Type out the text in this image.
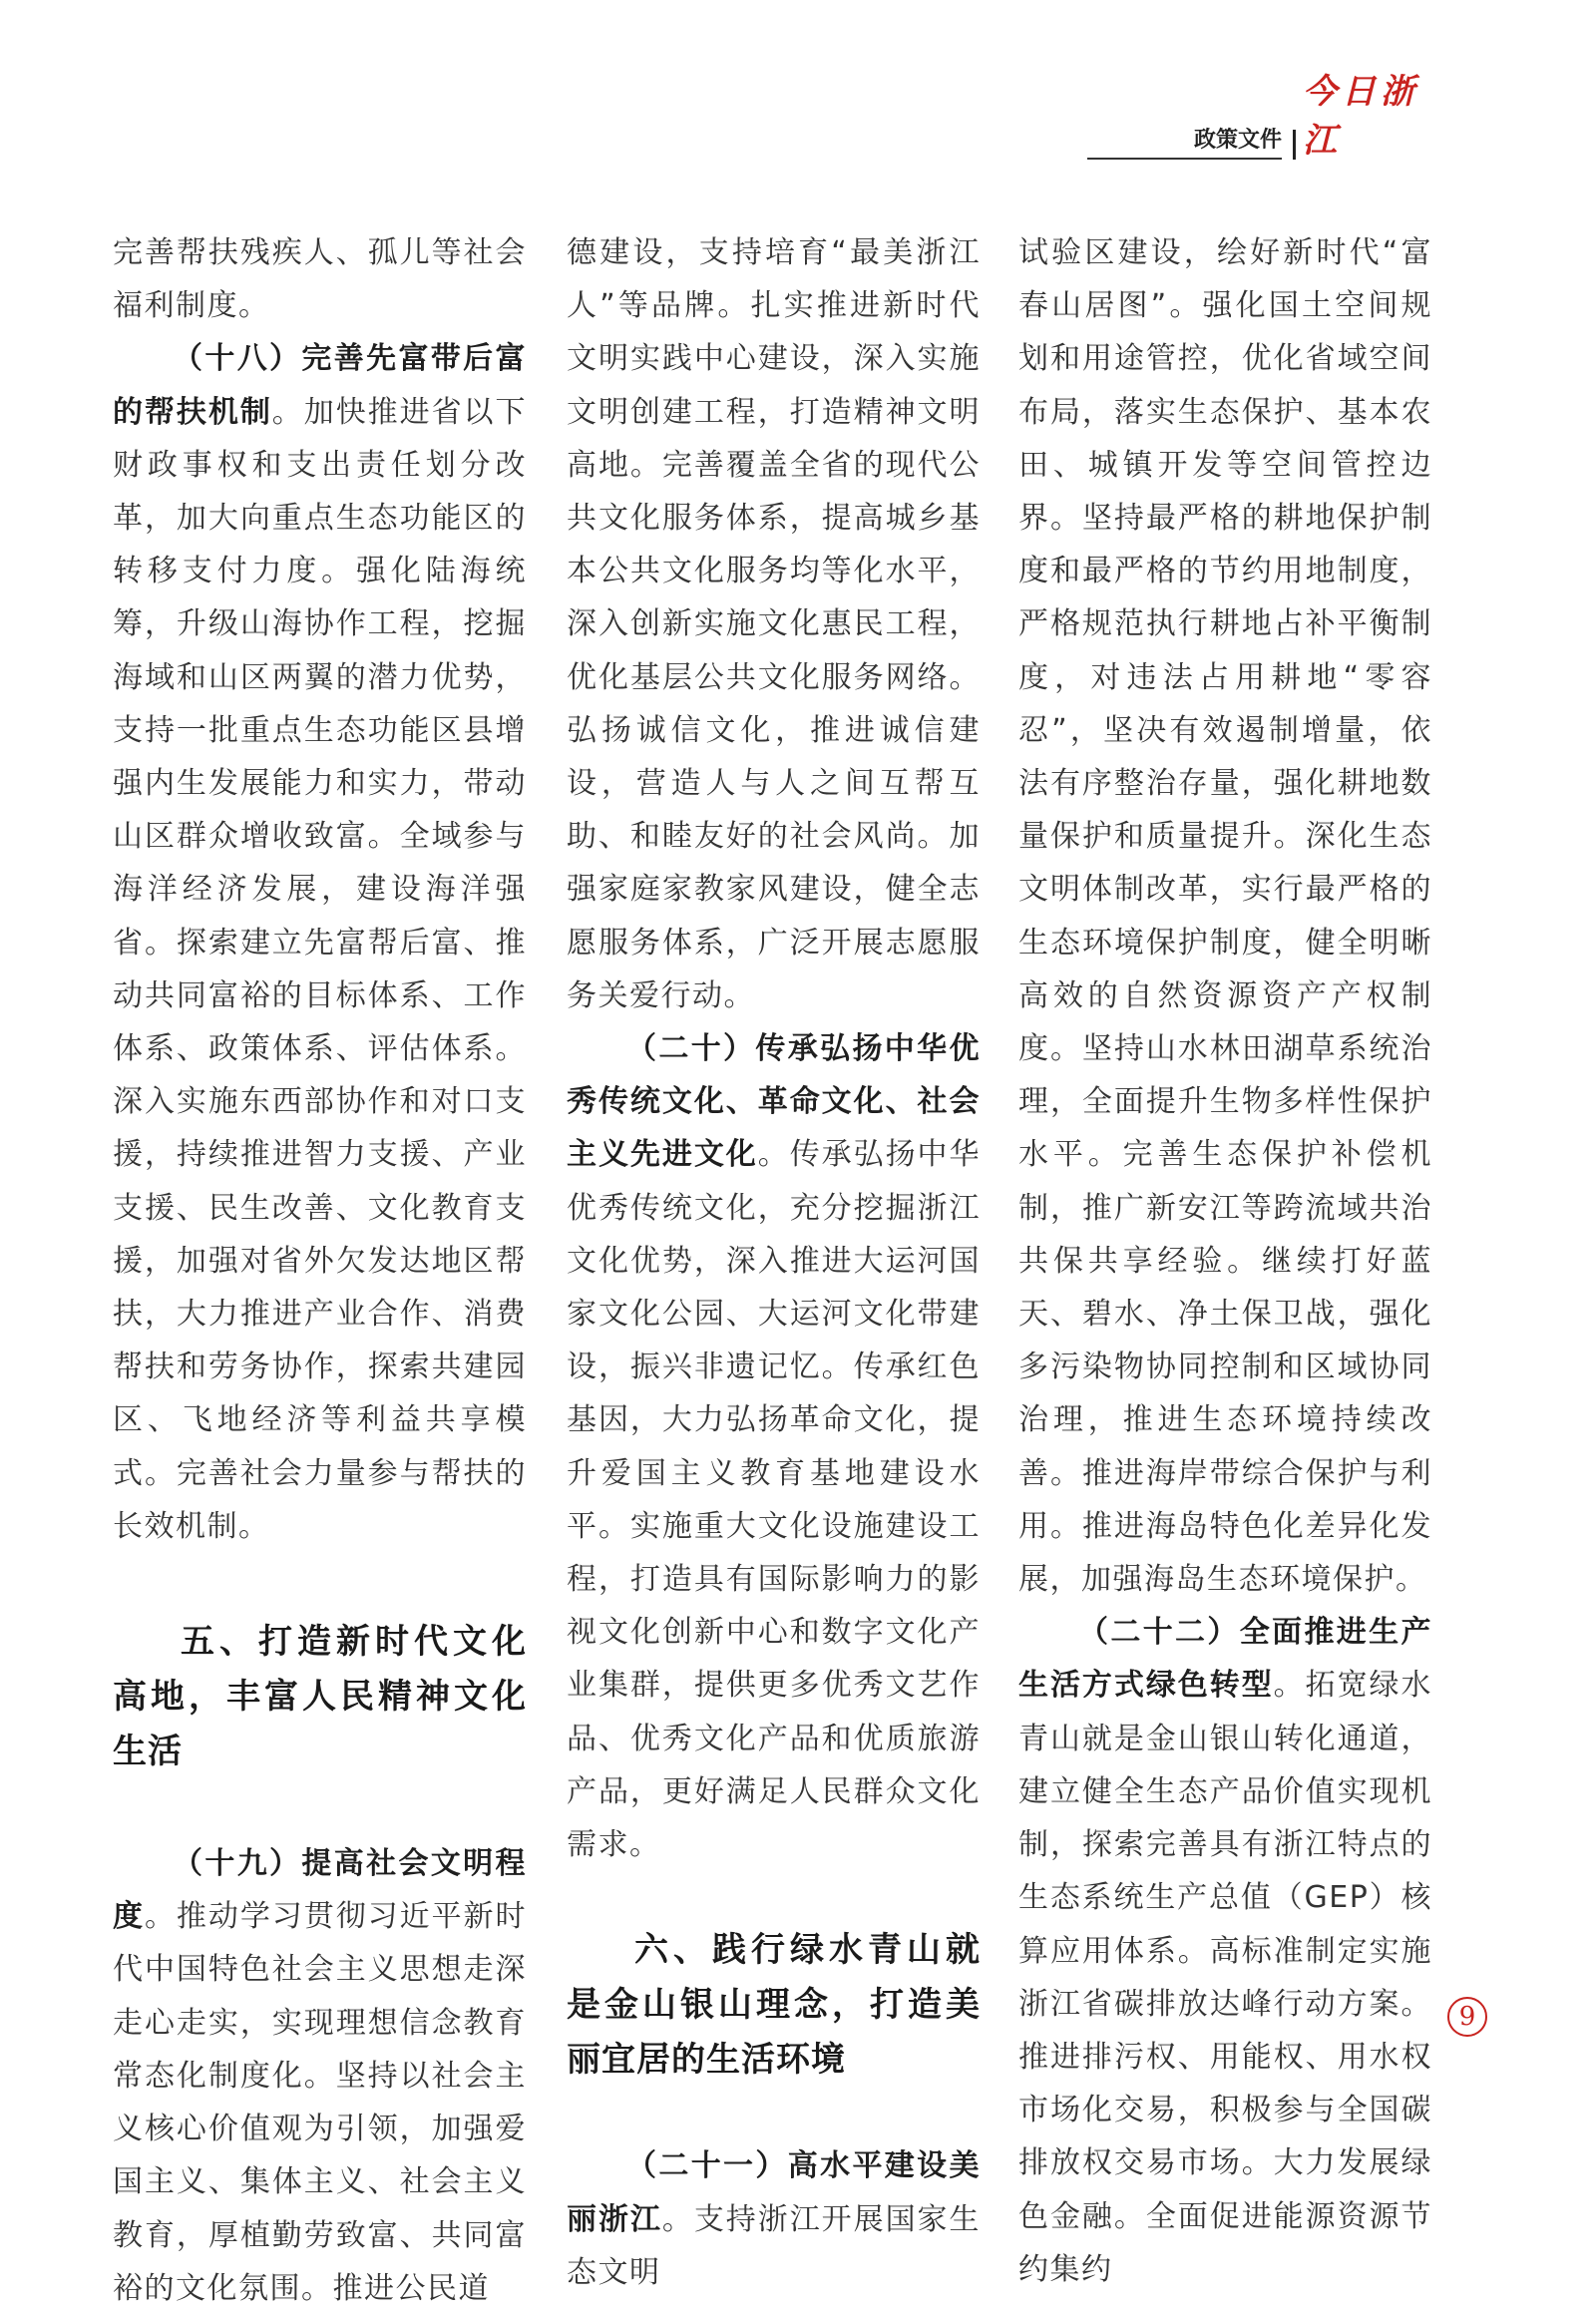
政策文件
今日浙江

完善帮扶残疾人、孤儿等社会福利制度。

（十八）完善先富带后富的帮扶机制。加快推进省以下财政事权和支出责任划分改革，加大向重点生态功能区的转移支付力度。强化陆海统筹，升级山海协作工程，挖掘海域和山区两翼的潜力优势，支持一批重点生态功能区县增强内生发展能力和实力，带动山区群众增收致富。全域参与海洋经济发展，建设海洋强省。探索建立先富帮后富、推动共同富裕的目标体系、工作体系、政策体系、评估体系。深入实施东西部协作和对口支援，持续推进智力支援、产业支援、民生改善、文化教育支援，加强对省外欠发达地区帮扶，大力推进产业合作、消费帮扶和劳务协作，探索共建园区、飞地经济等利益共享模式。完善社会力量参与帮扶的长效机制。

五、打造新时代文化高地，丰富人民精神文化生活

（十九）提高社会文明程度。推动学习贯彻习近平新时代中国特色社会主义思想走深走心走实，实现理想信念教育常态化制度化。坚持以社会主义核心价值观为引领，加强爱国主义、集体主义、社会主义教育，厚植勤劳致富、共同富裕的文化氛围。推进公民道

德建设，支持培育“最美浙江人”等品牌。扎实推进新时代文明实践中心建设，深入实施文明创建工程，打造精神文明高地。完善覆盖全省的现代公共文化服务体系，提高城乡基本公共文化服务均等化水平，深入创新实施文化惠民工程，优化基层公共文化服务网络。弘扬诚信文化，推进诚信建设，营造人与人之间互帮互助、和睦友好的社会风尚。加强家庭家教家风建设，健全志愿服务体系，广泛开展志愿服务关爱行动。

（二十）传承弘扬中华优秀传统文化、革命文化、社会主义先进文化。传承弘扬中华优秀传统文化，充分挖掘浙江文化优势，深入推进大运河国家文化公园、大运河文化带建设，振兴非遗记忆。传承红色基因，大力弘扬革命文化，提升爱国主义教育基地建设水平。实施重大文化设施建设工程，打造具有国际影响力的影视文化创新中心和数字文化产业集群，提供更多优秀文艺作品、优秀文化产品和优质旅游产品，更好满足人民群众文化需求。

六、践行绿水青山就是金山银山理念，打造美丽宜居的生活环境

（二十一）高水平建设美丽浙江。支持浙江开展国家生态文明

试验区建设，绘好新时代“富春山居图”。强化国土空间规划和用途管控，优化省域空间布局，落实生态保护、基本农田、城镇开发等空间管控边界。坚持最严格的耕地保护制度和最严格的节约用地制度，严格规范执行耕地占补平衡制度，对违法占用耕地“零容忍”，坚决有效遏制增量，依法有序整治存量，强化耕地数量保护和质量提升。深化生态文明体制改革，实行最严格的生态环境保护制度，健全明晰高效的自然资源资产产权制度。坚持山水林田湖草系统治理，全面提升生物多样性保护水平。完善生态保护补偿机制，推广新安江等跨流域共治共保共享经验。继续打好蓝天、碧水、净土保卫战，强化多污染物协同控制和区域协同治理，推进生态环境持续改善。推进海岸带综合保护与利用。推进海岛特色化差异化发展，加强海岛生态环境保护。

（二十二）全面推进生产生活方式绿色转型。拓宽绿水青山就是金山银山转化通道，建立健全生态产品价值实现机制，探索完善具有浙江特点的生态系统生产总值（GEP）核算应用体系。高标准制定实施浙江省碳排放达峰行动方案。推进排污权、用能权、用水权市场化交易，积极参与全国碳排放权交易市场。大力发展绿色金融。全面促进能源资源节约集约

9
